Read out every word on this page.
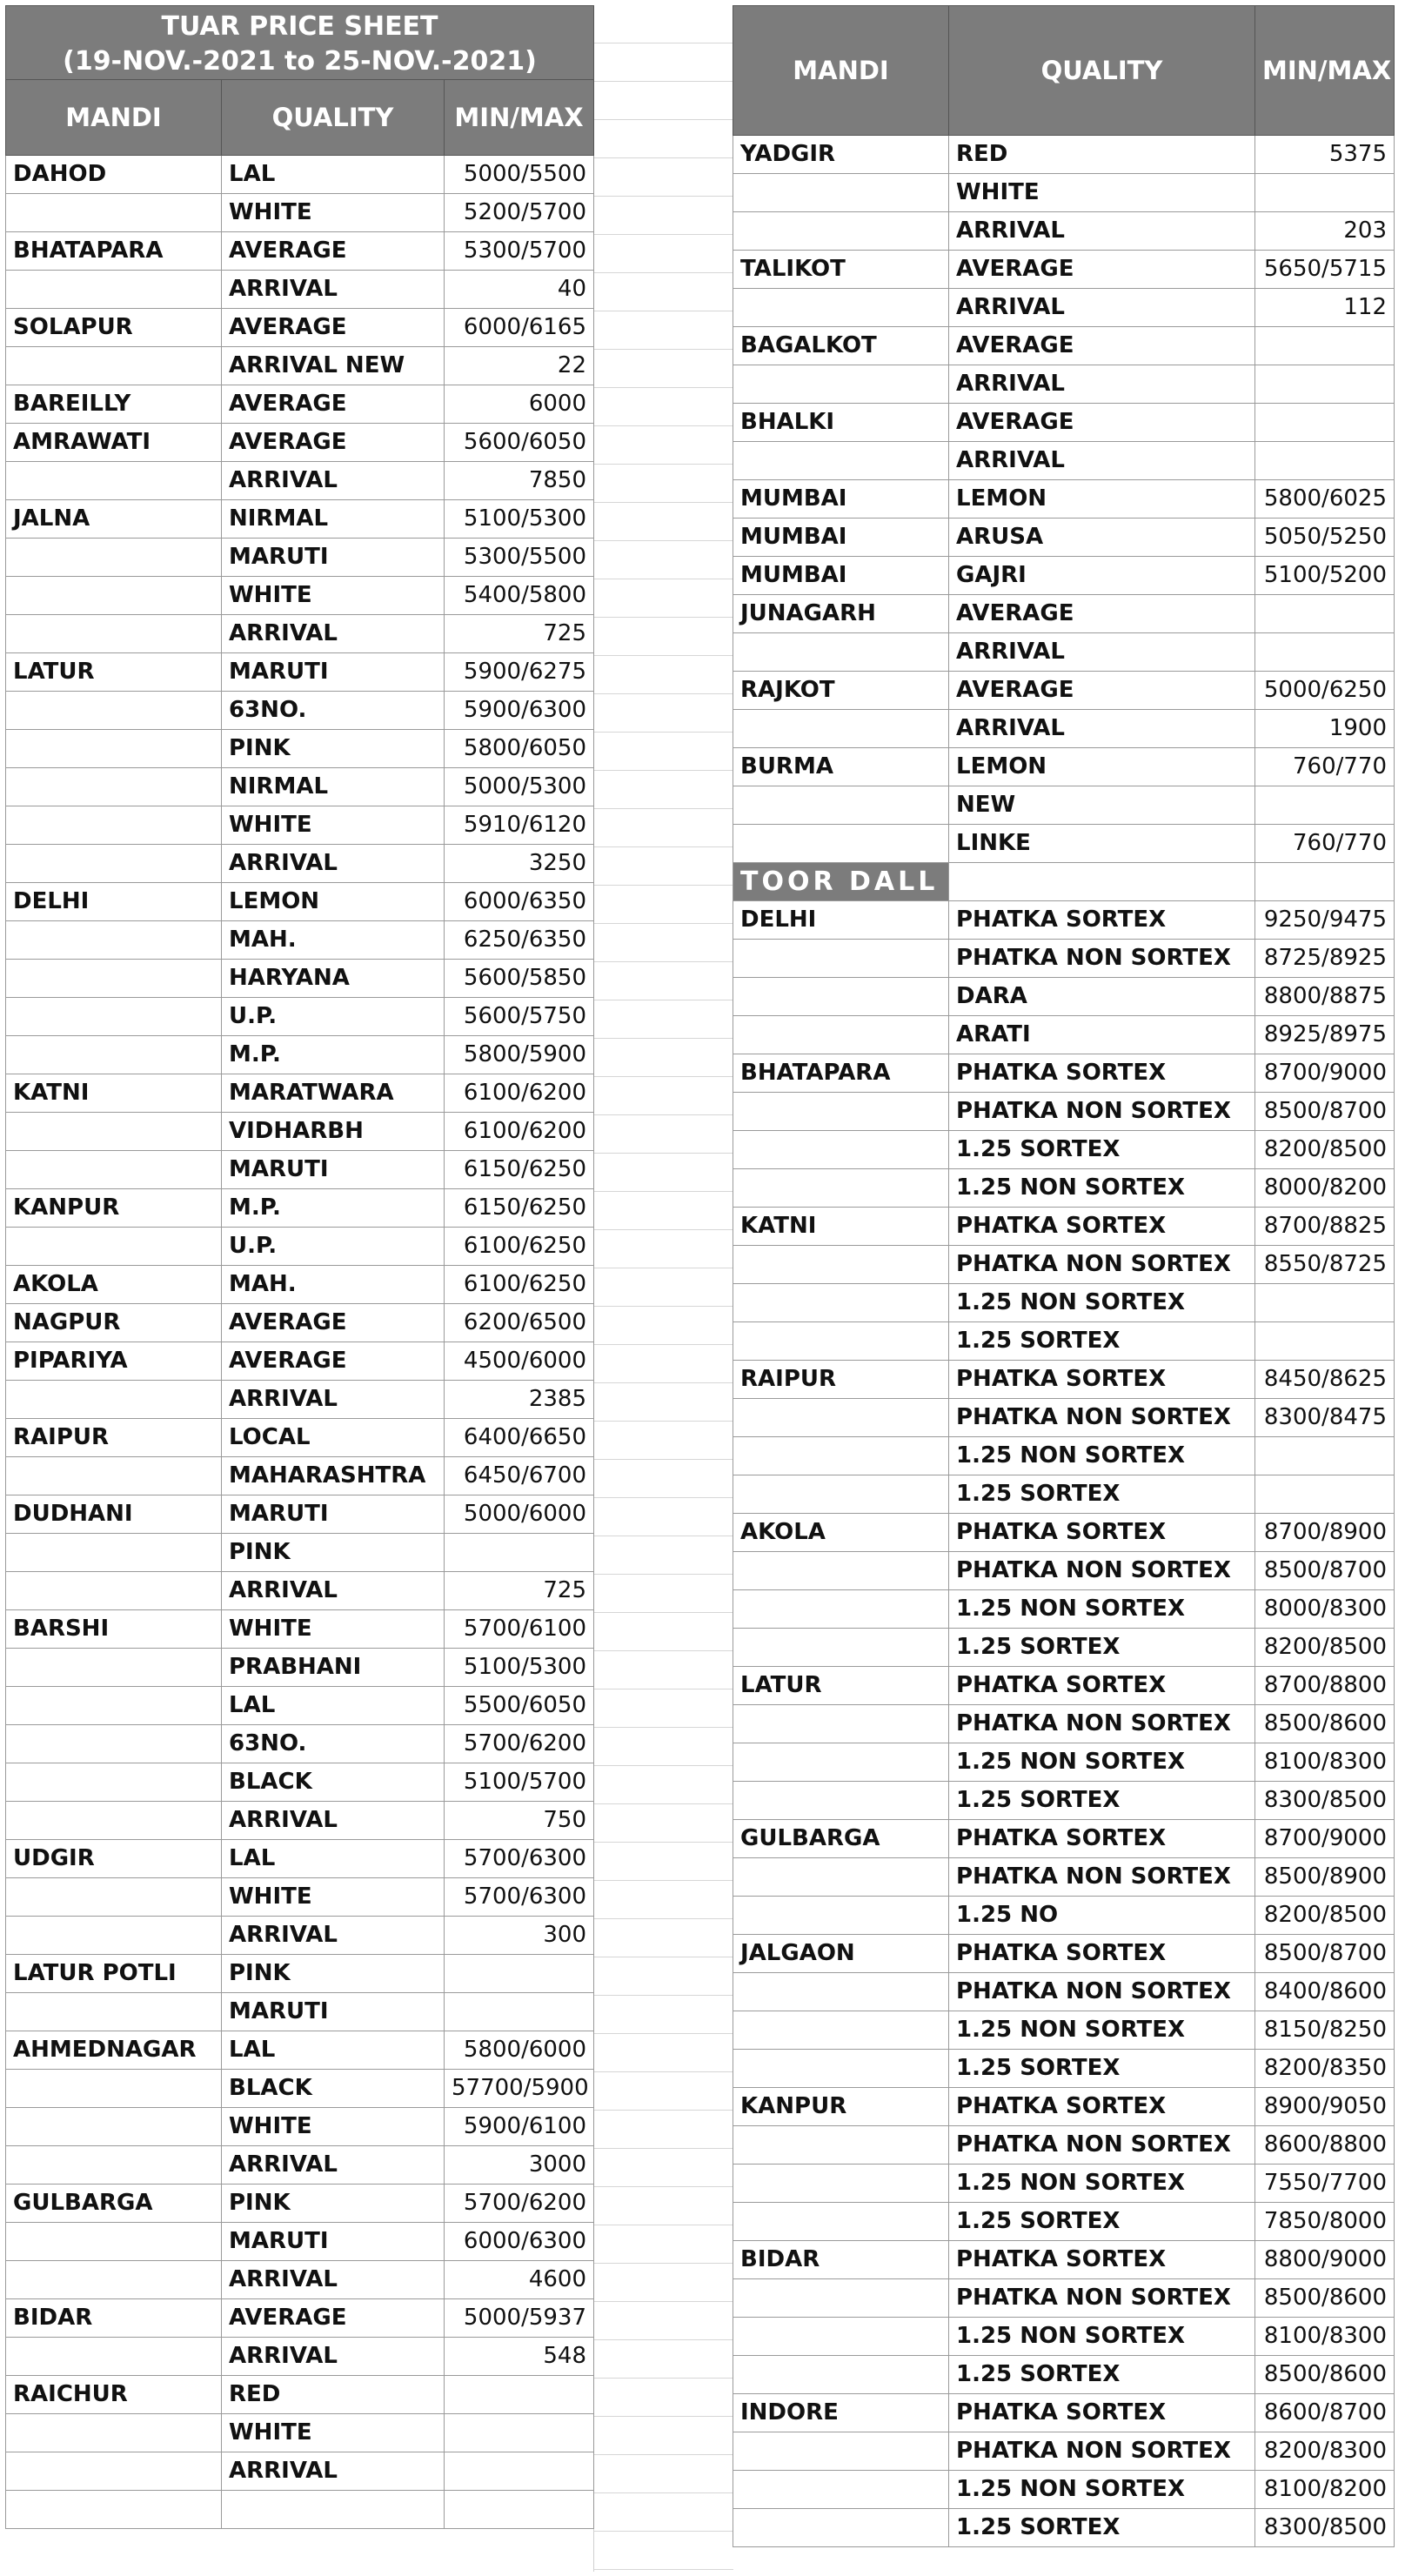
TUAR PRICE SHEET
(19-NOV.-2021 to 25-NOV.-2021)		

MANDI	QUALITY	MIN/MAX
DAHOD	LAL	5000/5500
	WHITE	5200/5700
BHATAPARA	AVERAGE	5300/5700
	ARRIVAL	40
SOLAPUR	AVERAGE	6000/6165
	ARRIVAL NEW	22
BAREILLY	AVERAGE	6000
AMRAWATI	AVERAGE	5600/6050
	ARRIVAL	7850
JALNA	NIRMAL	5100/5300
	MARUTI	5300/5500
	WHITE	5400/5800
	ARRIVAL	725
LATUR	MARUTI	5900/6275
	63NO.	5900/6300
	PINK	5800/6050
	NIRMAL	5000/5300
	WHITE	5910/6120
	ARRIVAL	3250
DELHI	LEMON	6000/6350
	MAH.	6250/6350
	HARYANA	5600/5850
	U.P.	5600/5750
	M.P.	5800/5900
KATNI	MARATWARA	6100/6200
	VIDHARBH	6100/6200
	MARUTI	6150/6250
KANPUR	M.P.	6150/6250
	U.P.	6100/6250
AKOLA	MAH.	6100/6250
NAGPUR	AVERAGE	6200/6500
PIPARIYA	AVERAGE	4500/6000
	ARRIVAL	2385
RAIPUR	LOCAL	6400/6650
	MAHARASHTRA	6450/6700
DUDHANI	MARUTI	5000/6000
	PINK	
	ARRIVAL	725
BARSHI	WHITE	5700/6100
	PRABHANI	5100/5300
	LAL	5500/6050
	63NO.	5700/6200
	BLACK	5100/5700
	ARRIVAL	750
UDGIR	LAL	5700/6300
	WHITE	5700/6300
	ARRIVAL	300
LATUR POTLI	PINK	
	MARUTI	
AHMEDNAGAR	LAL	5800/6000
	BLACK	57700/5900
	WHITE	5900/6100
	ARRIVAL	3000
GULBARGA	PINK	5700/6200
	MARUTI	6000/6300
	ARRIVAL	4600
BIDAR	AVERAGE	5000/5937
	ARRIVAL	548
RAICHUR	RED	
	WHITE	
	ARRIVAL	

MANDI	QUALITY	MIN/MAX
YADGIR	RED	5375
	WHITE	
	ARRIVAL	203
TALIKOT	AVERAGE	5650/5715
	ARRIVAL	112
BAGALKOT	AVERAGE	
	ARRIVAL	
BHALKI	AVERAGE	
	ARRIVAL	
MUMBAI	LEMON	5800/6025
MUMBAI	ARUSA	5050/5250
MUMBAI	GAJRI	5100/5200
JUNAGARH	AVERAGE	
	ARRIVAL	
RAJKOT	AVERAGE	5000/6250
	ARRIVAL	1900
BURMA	LEMON	760/770
	NEW	
	LINKE	760/770
TOOR DALL		
DELHI	PHATKA SORTEX	9250/9475
	PHATKA NON SORTEX	8725/8925
	DARA	8800/8875
	ARATI	8925/8975
BHATAPARA	PHATKA SORTEX	8700/9000
	PHATKA NON SORTEX	8500/8700
	1.25 SORTEX	8200/8500
	1.25 NON SORTEX	8000/8200
KATNI	PHATKA SORTEX	8700/8825
	PHATKA NON SORTEX	8550/8725
	1.25 NON SORTEX	
	1.25 SORTEX	
RAIPUR	PHATKA SORTEX	8450/8625
	PHATKA NON SORTEX	8300/8475
	1.25 NON SORTEX	
	1.25 SORTEX	
AKOLA	PHATKA SORTEX	8700/8900
	PHATKA NON SORTEX	8500/8700
	1.25 NON SORTEX	8000/8300
	1.25 SORTEX	8200/8500
LATUR	PHATKA SORTEX	8700/8800
	PHATKA NON SORTEX	8500/8600
	1.25 NON SORTEX	8100/8300
	1.25 SORTEX	8300/8500
GULBARGA	PHATKA SORTEX	8700/9000
	PHATKA NON SORTEX	8500/8900
	1.25 NO	8200/8500
JALGAON	PHATKA SORTEX	8500/8700
	PHATKA NON SORTEX	8400/8600
	1.25 NON SORTEX	8150/8250
	1.25 SORTEX	8200/8350
KANPUR	PHATKA SORTEX	8900/9050
	PHATKA NON SORTEX	8600/8800
	1.25 NON SORTEX	7550/7700
	1.25 SORTEX	7850/8000
BIDAR	PHATKA SORTEX	8800/9000
	PHATKA NON SORTEX	8500/8600
	1.25 NON SORTEX	8100/8300
	1.25 SORTEX	8500/8600
INDORE	PHATKA SORTEX	8600/8700
	PHATKA NON SORTEX	8200/8300
	1.25 NON SORTEX	8100/8200
	1.25 SORTEX	8300/8500
